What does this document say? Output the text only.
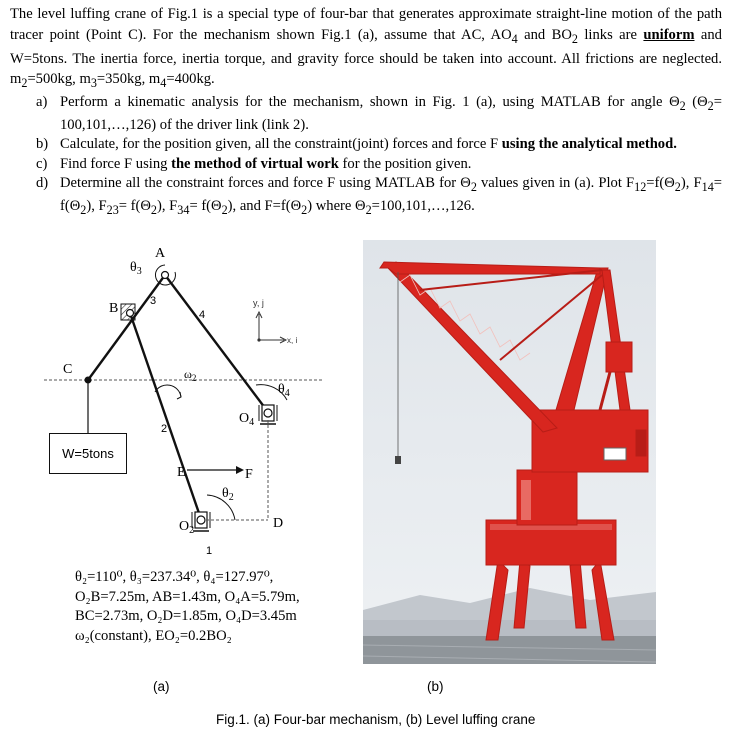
The level luffing crane of Fig.1 is a special type of four-bar that generates approximate straight-line motion of the path tracer point (Point C). For the mechanism shown Fig.1 (a), assume that AC, $AO_4$ and $BO_2$ links are uniform and W=5tons. The inertia force, inertia torque, and gravity force should be taken into account. All frictions are neglected. $m_2=500kg$, $m_3=350kg$, $m_4=400kg$.

a) Perform a kinematic analysis for the mechanism, shown in Fig. 1 (a), using MATLAB for angle $\Theta_2$ ($\Theta_2=$ 100,101,…,126) of the driver link (link 2).
b) Calculate, for the position given, all the constraint(joint) forces and force F using the analytical method.
c) Find force F using the method of virtual work for the position given.
d) Determine all the constraint forces and force F using MATLAB for $\Theta_2$ values given in (a). Plot $F_{12}=f(\Theta_2)$, $F_{14}= f(\Theta_2)$, $F_{23}= f(\Theta_2)$, $F_{34}= f(\Theta_2)$, and $F=f(\Theta_2)$ where $\Theta_2=100,101,\dots,126$.
A
B
C
D
E	F
$O_4$
$O_2$
$\theta_3$
$\theta_4$
$\theta_2$
$\omega_2$
1
2
3
4
y, j
x, i
W=5tons
θ₂=110⁰, θ₃=237.34⁰, θ₄=127.97⁰,
O₂B=7.25m, AB=1.43m, O₄A=5.79m,
BC=2.73m, O₂D=1.85m, O₄D=3.45m
ω₂(constant), EO₂=0.2BO₂
(a)	(b)
Fig.1. (a) Four-bar mechanism, (b) Level luffing crane
